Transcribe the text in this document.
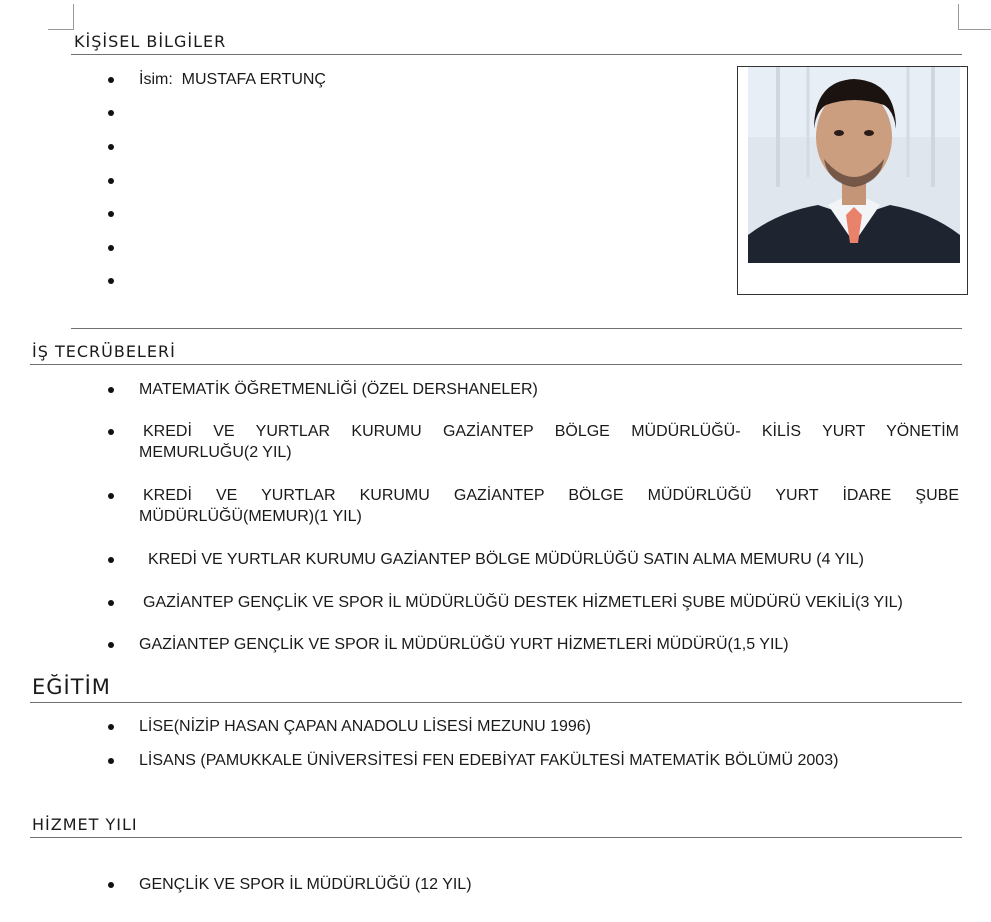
KİŞİSEL BİLGİLER
İsim: MUSTAFA ERTUNÇ
İŞ TECRÜBELERİ
MATEMATİK ÖĞRETMENLİĞİ (ÖZEL DERSHANELER)
KREDİ VE YURTLAR KURUMU GAZİANTEP BÖLGE MÜDÜRLÜĞÜ- KİLİS YURT YÖNETİM
MEMURLUĞU(2 YIL)
KREDİ VE YURTLAR KURUMU GAZİANTEP BÖLGE MÜDÜRLÜĞÜ YURT İDARE ŞUBE
MÜDÜRLÜĞÜ(MEMUR)(1 YIL)
KREDİ VE YURTLAR KURUMU GAZİANTEP BÖLGE MÜDÜRLÜĞÜ SATIN ALMA MEMURU (4 YIL)
GAZİANTEP GENÇLİK VE SPOR İL MÜDÜRLÜĞÜ DESTEK HİZMETLERİ ŞUBE MÜDÜRÜ VEKİLİ(3 YIL)
GAZİANTEP GENÇLİK VE SPOR İL MÜDÜRLÜĞÜ YURT HİZMETLERİ MÜDÜRÜ(1,5 YIL)
EĞİTİM
LİSE(NİZİP HASAN ÇAPAN ANADOLU LİSESİ MEZUNU 1996)
LİSANS (PAMUKKALE ÜNİVERSİTESİ FEN EDEBİYAT FAKÜLTESİ MATEMATİK BÖLÜMÜ 2003)
HİZMET YILI
GENÇLİK VE SPOR İL MÜDÜRLÜĞÜ (12 YIL)
